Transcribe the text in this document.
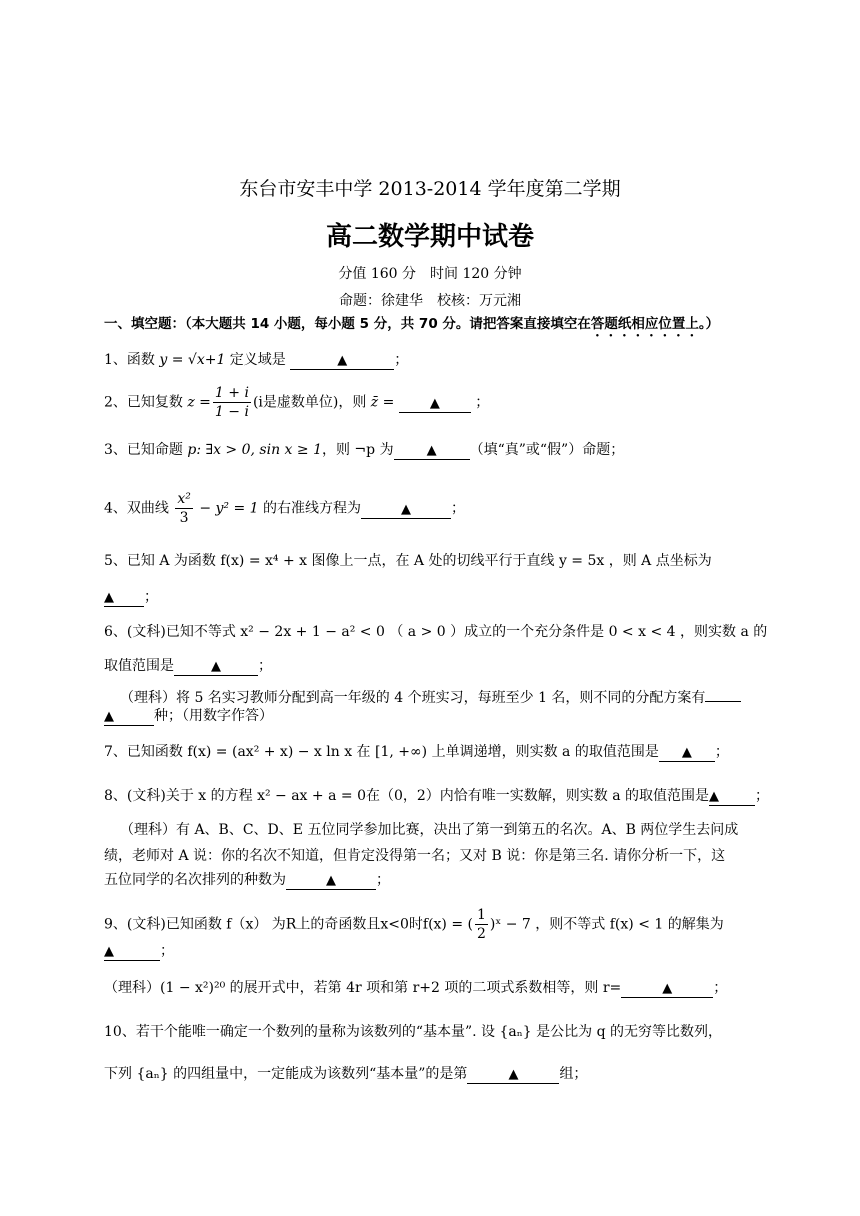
东台市安丰中学 2013-2014 学年度第二学期
高二数学期中试卷
分值 160 分　时间 120 分钟
命题：徐建华　校核：万元湘
一、填空题：（本大题共 14 小题，每小题 5 分，共 70 分。请把答案直接填空在答题纸相应位置上。）
1、函数 y = √x+1 定义域是	▲	；
2、已知复数 $z = \frac{1 + i}{1 - i} (i$是虚数单位)，则 z̄ =	▲	；
3、已知命题 p: ∃x > 0, sin x ≥ 1，则 ¬p 为	▲ （填“真”或“假”）命题；
4、双曲线 $\frac{\text{x²}}{3} - y^2 = 1$ 的右准线方程为	▲	；
5、已知 A 为函数 f(x) = x⁴ + x 图像上一点，在 A 处的切线平行于直线 y = 5x ，则 A 点坐标为
▲ ；
6、(文科)已知不等式 x² − 2x + 1 − a² < 0 （ a > 0 ）成立的一个充分条件是 0 < x < 4 ，则实数 a 的
取值范围是	▲	；
（理科）将 5 名实习教师分配到高一年级的 4 个班实习，每班至少 1 名，则不同的分配方案有
▲	种；（用数字作答）
7、已知函数 f(x) = (ax² + x) − x ln x 在 [1, +∞) 上单调递增，则实数 a 的取值范围是 ▲ ；
8、(文科)关于 x 的方程 x² − ax + a = 0在（0，2）内恰有唯一实数解，则实数 a 的取值范围是▲	；
（理科）有 A、B、C、D、E 五位同学参加比赛，决出了第一到第五的名次。A、B 两位学生去问成
绩，老师对 A 说：你的名次不知道，但肯定没得第一名；又对 B 说：你是第三名. 请你分析一下，这
五位同学的名次排列的种数为	▲	；
9、(文科)已知函数 f（x） 为R上的奇函数且x<0时f(x) = ( $\frac{1}{2}$ )ˣ − 7 ，则不等式 f(x) < 1 的解集为
▲	；
（理科）(1 − x²)²⁰ 的展开式中，若第 4r 项和第 r+2 项的二项式系数相等，则 r=	▲	；
10、若干个能唯一确定一个数列的量称为该数列的“基本量”. 设 {aₙ} 是公比为 q 的无穷等比数列，
下列 {aₙ} 的四组量中，一定能成为该数列“基本量”的是第	▲	组；
